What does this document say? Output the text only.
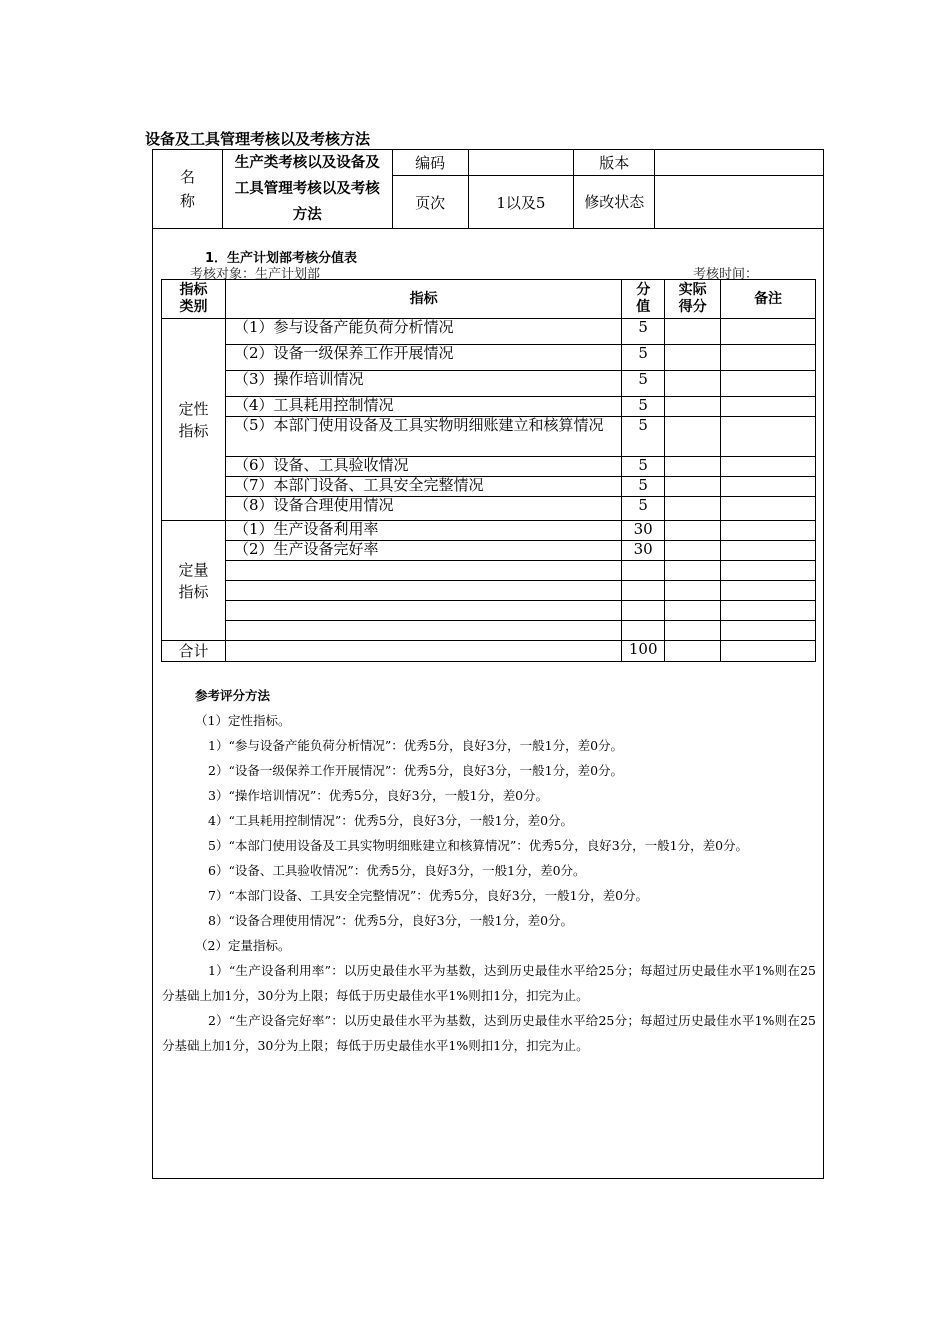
设备及工具管理考核以及考核方法
名
称	生产类考核以及设备及工具管理考核以及考核方法	编码		版本	
		页次	1以及5	修改状态	
1．生产计划部考核分值表
考核对象：生产计划部	考核时间：
指标类别	指标	分值	实际得分	备注

定性指标	（1）参与设备产能负荷分析情况	5		
	（2）设备一级保养工作开展情况	5		
	（3）操作培训情况	5		
	（4）工具耗用控制情况	5		
	（5）本部门使用设备及工具实物明细账建立和核算情况	5		
	（6）设备、工具验收情况	5		
	（7）本部门设备、工具安全完整情况	5		
	（8）设备合理使用情况	5		

定量指标	（1）生产设备利用率	30		
	（2）生产设备完好率	30		

合计		100		
参考评分方法
（1）定性指标。
1）“参与设备产能负荷分析情况”：优秀5分，良好3分，一般1分，差0分。
2）“设备一级保养工作开展情况”：优秀5分，良好3分，一般1分，差0分。
3）“操作培训情况”：优秀5分，良好3分，一般1分，差0分。
4）“工具耗用控制情况”：优秀5分，良好3分，一般1分，差0分。
5）“本部门使用设备及工具实物明细账建立和核算情况”：优秀5分，良好3分，一般1分，差0分。
6）“设备、工具验收情况”：优秀5分，良好3分，一般1分，差0分。
7）“本部门设备、工具安全完整情况”：优秀5分，良好3分，一般1分，差0分。
8）“设备合理使用情况”：优秀5分，良好3分，一般1分，差0分。
（2）定量指标。
1）“生产设备利用率”：以历史最佳水平为基数，达到历史最佳水平给25分；每超过历史最佳水平1%则在25分基础上加1分，30分为上限；每低于历史最佳水平1%则扣1分，扣完为止。
2）“生产设备完好率”：以历史最佳水平为基数，达到历史最佳水平给25分；每超过历史最佳水平1%则在25分基础上加1分，30分为上限；每低于历史最佳水平1%则扣1分，扣完为止。
